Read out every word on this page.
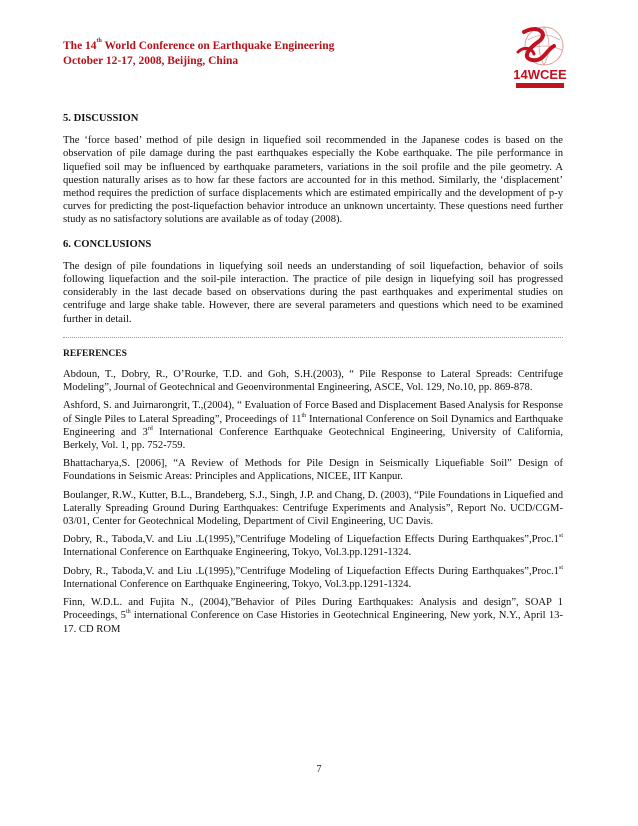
The 14th World Conference on Earthquake Engineering
October 12-17, 2008, Beijing, China
14WCEE
5. DISCUSSION
The ‘force based’ method of pile design in liquefied soil recommended in the Japanese codes is based on the observation of pile damage during the past earthquakes especially the Kobe earthquake. The pile performance in liquefied soil may be influenced by earthquake parameters, variations in the soil profile and the pile geometry. A question naturally arises as to how far these factors are accounted for in this method. Similarly, the ‘displacement’ method requires the prediction of surface displacements which are estimated empirically and the development of p-y curves for predicting the post-liquefaction behavior introduce an unknown uncertainty. These questions need further study as no satisfactory solutions are available as of today (2008).
6. CONCLUSIONS
The design of pile foundations in liquefying soil needs an understanding of soil liquefaction, behavior of soils following liquefaction and the soil-pile interaction. The practice of pile design in liquefying soil has progressed considerably in the last decade based on observations during the past earthquakes and experimental studies on centrifuge and large shake table. However, there are several parameters and questions which need to be examined further in detail.
REFERENCES
Abdoun, T., Dobry, R., O’Rourke, T.D. and Goh, S.H.(2003), “ Pile Response to Lateral Spreads: Centrifuge Modeling”, Journal of Geotechnical and Geoenvironmental Engineering, ASCE, Vol. 129, No.10, pp. 869-878.
Ashford, S. and Juirnarongrit, T.,(2004), “ Evaluation of Force Based and Displacement Based Analysis for Response of Single Piles to Lateral Spreading”, Proceedings of 11th International Conference on Soil Dynamics and Earthquake Engineering and 3rd International Conference Earthquake Geotechnical Engineering, University of California, Berkely, Vol. 1, pp. 752-759.
Bhattacharya,S. [2006], “A Review of Methods for Pile Design in Seismically Liquefiable Soil” Design of Foundations in Seismic Areas: Principles and Applications, NICEE, IIT Kanpur.
Boulanger, R.W., Kutter, B.L., Brandeberg, S.J., Singh, J.P. and Chang, D. (2003), “Pile Foundations in Liquefied and Laterally Spreading Ground During Earthquakes: Centrifuge Experiments and Analysis”, Report No. UCD/CGM-03/01, Center for Geotechnical Modeling, Department of Civil Engineering, UC Davis.
Dobry, R., Taboda,V. and Liu .L(1995),”Centrifuge Modeling of Liquefaction Effects During Earthquakes”,Proc.1st International Conference on Earthquake Engineering, Tokyo, Vol.3.pp.1291-1324.
Dobry, R., Taboda,V. and Liu .L(1995),”Centrifuge Modeling of Liquefaction Effects During Earthquakes”,Proc.1st International Conference on Earthquake Engineering, Tokyo, Vol.3.pp.1291-1324.
Finn, W.D.L. and Fujita N., (2004),”Behavior of Piles During Earthquakes: Analysis and design”, SOAP 1 Proceedings, 5th international Conference on Case Histories in Geotechnical Engineering, New york, N.Y., April 13-17. CD ROM
7
